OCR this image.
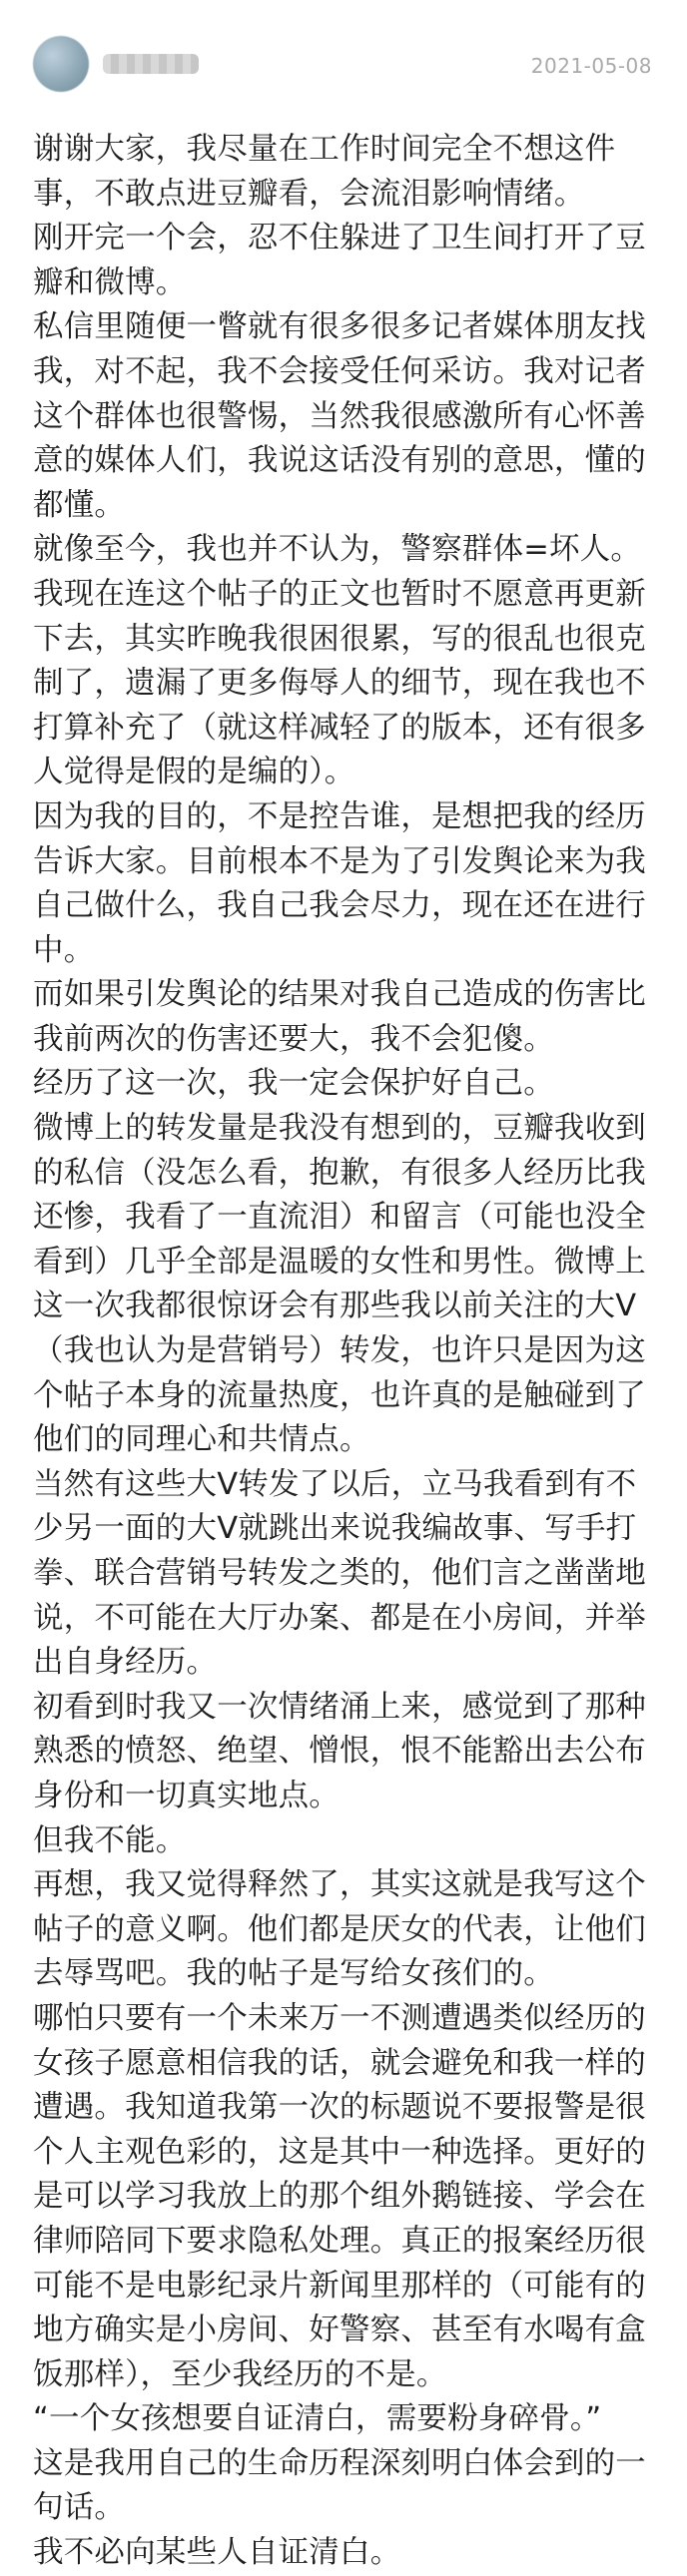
2021-05-08

谢谢大家，我尽量在工作时间完全不想这件事，不敢点进豆瓣看，会流泪影响情绪。

刚开完一个会，忍不住躲进了卫生间打开了豆瓣和微博。

私信里随便一瞥就有很多很多记者媒体朋友找我，对不起，我不会接受任何采访。我对记者这个群体也很警惕，当然我很感激所有心怀善意的媒体人们，我说这话没有别的意思，懂的都懂。

就像至今，我也并不认为，警察群体=坏人。

我现在连这个帖子的正文也暂时不愿意再更新下去，其实昨晚我很困很累，写的很乱也很克制了，遗漏了更多侮辱人的细节，现在我也不打算补充了（就这样减轻了的版本，还有很多人觉得是假的是编的）。

因为我的目的，不是控告谁，是想把我的经历告诉大家。目前根本不是为了引发舆论来为我自己做什么，我自己我会尽力，现在还在进行中。

而如果引发舆论的结果对我自己造成的伤害比我前两次的伤害还要大，我不会犯傻。

经历了这一次，我一定会保护好自己。

微博上的转发量是我没有想到的，豆瓣我收到的私信（没怎么看，抱歉，有很多人经历比我还惨，我看了一直流泪）和留言（可能也没全看到）几乎全部是温暖的女性和男性。微博上这一次我都很惊讶会有那些我以前关注的大V（我也认为是营销号）转发，也许只是因为这个帖子本身的流量热度，也许真的是触碰到了他们的同理心和共情点。

当然有这些大V转发了以后，立马我看到有不少另一面的大V就跳出来说我编故事、写手打拳、联合营销号转发之类的，他们言之凿凿地说，不可能在大厅办案、都是在小房间，并举出自身经历。

初看到时我又一次情绪涌上来，感觉到了那种熟悉的愤怒、绝望、憎恨，恨不能豁出去公布身份和一切真实地点。

但我不能。

再想，我又觉得释然了，其实这就是我写这个帖子的意义啊。他们都是厌女的代表，让他们去辱骂吧。我的帖子是写给女孩们的。

哪怕只要有一个未来万一不测遭遇类似经历的女孩子愿意相信我的话，就会避免和我一样的遭遇。我知道我第一次的标题说不要报警是很个人主观色彩的，这是其中一种选择。更好的是可以学习我放上的那个组外鹅链接、学会在律师陪同下要求隐私处理。真正的报案经历很可能不是电影纪录片新闻里那样的（可能有的地方确实是小房间、好警察、甚至有水喝有盒饭那样），至少我经历的不是。

“一个女孩想要自证清白，需要粉身碎骨。”

这是我用自己的生命历程深刻明白体会到的一句话。

我不必向某些人自证清白。
